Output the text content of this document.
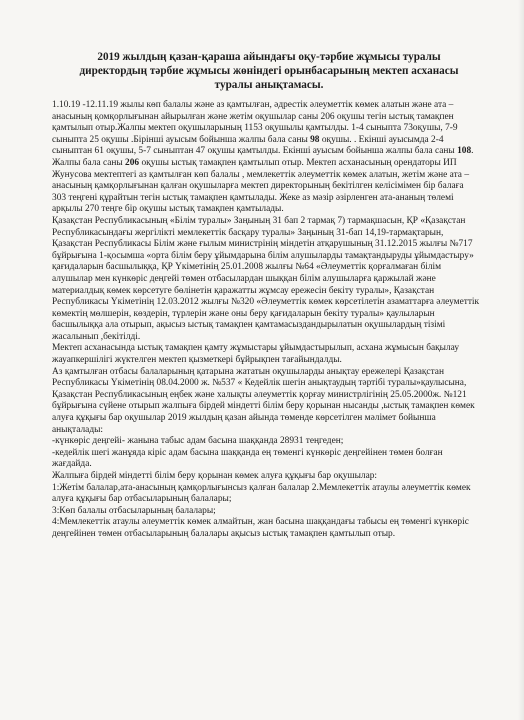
2019 жылдың қазан-қараша айындағы оқу-тәрбие жұмысы туралы директордың тәрбие жұмысы жөніндегі орынбасарының мектеп асханасы туралы анықтамасы.

1.10.19 -12.11.19 жылы көп балалы және аз қамтылған, әдрестік әлеуметтік көмек алатын және ата –анасының қомқорлығынан айырылған және жетім оқушылар саны 206 оқушы тегін ыстық тамақпен қамтылып отыр.Жалпы мектеп оқушыларының 1153 оқушылы қамтылды. 1-4 сыныпта 73оқушы, 7-9 сыныпта 25 оқушы .Бірінші ауысым бойынша жалпы бала саны 98 оқушы. . Екінші ауысымда 2-4 сыныптан 61 оқушы, 5-7 сыныптан 47 оқушы қамтылды. Екінші ауысым бойынша жалпы бала саны 108. Жалпы бала саны 206 оқушы ыстық тамақпен қамтылып отыр. Мектеп асханасының орендаторы ИП Жунусова мектептегі аз қамтылған көп балалы , мемлекеттік әлеуметтік көмек алатын, жетім және ата –анасының қамқорлығынан қалған оқушыларға мектеп директорының бекітілген келісімімен бір балаға 303 теңгені құрайтын тегін ыстық тамақпен қамтылады. Жеке аз мәзір әзірленген ата-ананың төлемі арқылы 270 теңге бір оқушы ыстық тамақпен қамтылады.

Қазақстан Республикасының «Білім туралы» Заңының 31 бап 2 тармақ 7) тармақшасын, ҚР «Қазақстан Республикасындағы жергілікті мемлекеттік басқару туралы» Заңының 31-бап 14,19-тармақтарын, Қазақстан Республикасы Білім және ғылым министрінің міндетін атқарушының 31.12.2015 жылғы №717 бұйрығына 1-қосымша «орта білім беру ұйымдарына білім алушыларды тамақтандыруды ұйымдастыру» қағидаларын басшылыққа, ҚР Үкіметінің 25.01.2008 жылғы №64 «Әлеуметтік қорғалмаған білім алушылар мен күнкөріс деңгейі төмен отбасылардан шыққан білім алушыларға қаржылай және материалдық көмек көрсетуге бөлінетін қаражатты жұмсау ережесін бекіту туралы», Қазақстан Республикасы Үкіметінің 12.03.2012 жылғы №320 «Әлеуметтік көмек көрсетілетін азаматтарға әлеуметтік көмектің мөлшерін, көздерін, түрлерін және оны беру қағидаларын бекіту туралы» қаулыларын басшылыққа ала отырып, ақысыз ыстық тамақпен қамтамасыздандырылатын оқушылардың тізімі жасалынып ,бекітілді.

Мектеп асханасында ыстық тамақпен қамту жұмыстары ұйымдастырылып, асхана жұмысын бақылау жауапкершілігі жүктелген мектеп қызметкері бұйрықпен тағайындалды.

Аз қамтылған отбасы балаларының қатарына жататын оқушыларды анықтау ережелері Қазақстан Республикасы Үкіметінің 08.04.2000 ж. №537 « Кедейлік шегін анықтаудың тәртібі туралы»қаулысына, Қазақстан Республикасының еңбек және халықты әлеуметтік қорғау министрлігінің 25.05.2000ж. №121 бұйрығына сүйене отырып жалпыға бірдей міндетті білім беру қорынан нысанды ,ыстық тамақпен көмек алуға құқығы бар оқушылар 2019 жылдың қазан айында төменде көрсетілген мәлімет бойынша анықталады:

-күнкөріс деңгейі- жанына табыс адам басына шаққанда 28931 теңгеден;

-кедейлік шегі жанұяда кіріс адам басына шаққанда ең төменгі күнкөріс деңгейінен төмен болған жағдайда.

Жалпыға бірдей міндетті білім беру қорынан көмек алуға құқығы бар оқушылар:

1:Жетім балалар,ата-анасының қамқорлығынсыз қалған балалар 2.Мемлекеттік атаулы әлеуметтік көмек алуға құқығы бар отбасыларының балалары;

3:Көп балалы отбасыларының балалары;

4:Мемлекеттік атаулы әлеуметтік көмек алмайтын, жан басына шаққандағы табысы ең төменгі күнкөріс деңгейінен төмен отбасыларының балалары ақысыз ыстық тамақпен қамтылып отыр.
